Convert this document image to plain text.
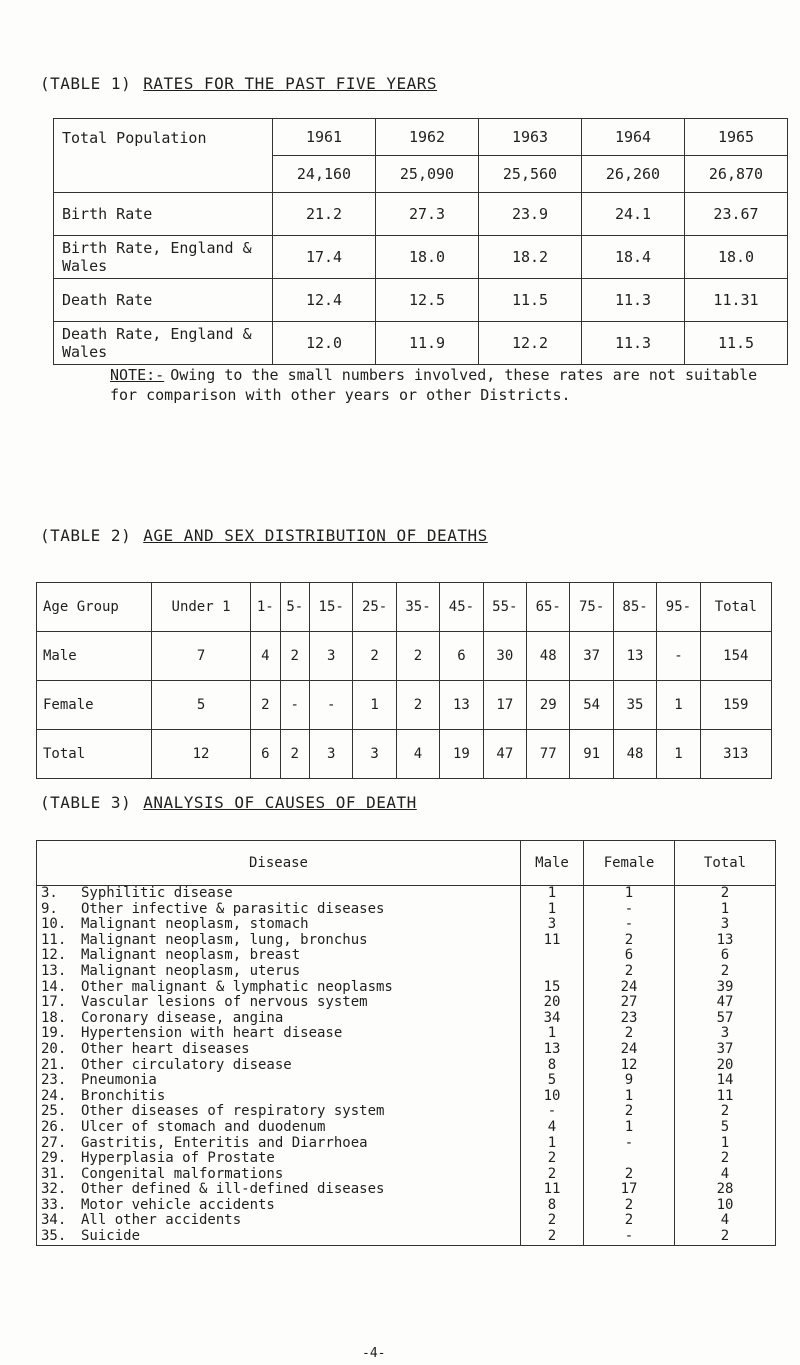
(TABLE 1) RATES FOR THE PAST FIVE YEARS
Total Population	1961	1962	1963	1964	1965
	24,160	25,090	25,560	26,260	26,870
Birth Rate	21.2	27.3	23.9	24.1	23.67
Birth Rate, England & Wales	17.4	18.0	18.2	18.4	18.0
Death Rate	12.4	12.5	11.5	11.3	11.31
Death Rate, England & Wales	12.0	11.9	12.2	11.3	11.5
NOTE:- Owing to the small numbers involved, these rates are not suitable for comparison with other years or other Districts.
(TABLE 2) AGE AND SEX DISTRIBUTION OF DEATHS
Age Group	Under 1	1-	5-	15-	25-	35-	45-	55-	65-	75-	85-	95-	Total
Male	7	4	2	3	2	2	6	30	48	37	13	-	154
Female	5	2	-	-	1	2	13	17	29	54	35	1	159
Total	12	6	2	3	3	4	19	47	77	91	48	1	313
(TABLE 3) ANALYSIS OF CAUSES OF DEATH
Disease		Male	Female	Total
3.	Syphilitic disease	1	1	2
9.	Other infective & parasitic diseases	1	-	1
10.	Malignant neoplasm, stomach	3	-	3
11.	Malignant neoplasm, lung, bronchus	11	2	13
12.	Malignant neoplasm, breast		6	6
13.	Malignant neoplasm, uterus		2	2
14.	Other malignant & lymphatic neoplasms	15	24	39
17.	Vascular lesions of nervous system	20	27	47
18.	Coronary disease, angina	34	23	57
19.	Hypertension with heart disease	1	2	3
20.	Other heart diseases	13	24	37
21.	Other circulatory disease	8	12	20
23.	Pneumonia	5	9	14
24.	Bronchitis	10	1	11
25.	Other diseases of respiratory system	-	2	2
26.	Ulcer of stomach and duodenum	4	1	5
27.	Gastritis, Enteritis and Diarrhoea	1	-	1
29.	Hyperplasia of Prostate	2		2
31.	Congenital malformations	2	2	4
32.	Other defined & ill-defined diseases	11	17	28
33.	Motor vehicle accidents	8	2	10
34.	All other accidents	2	2	4
35.	Suicide	2	-	2
-4-
